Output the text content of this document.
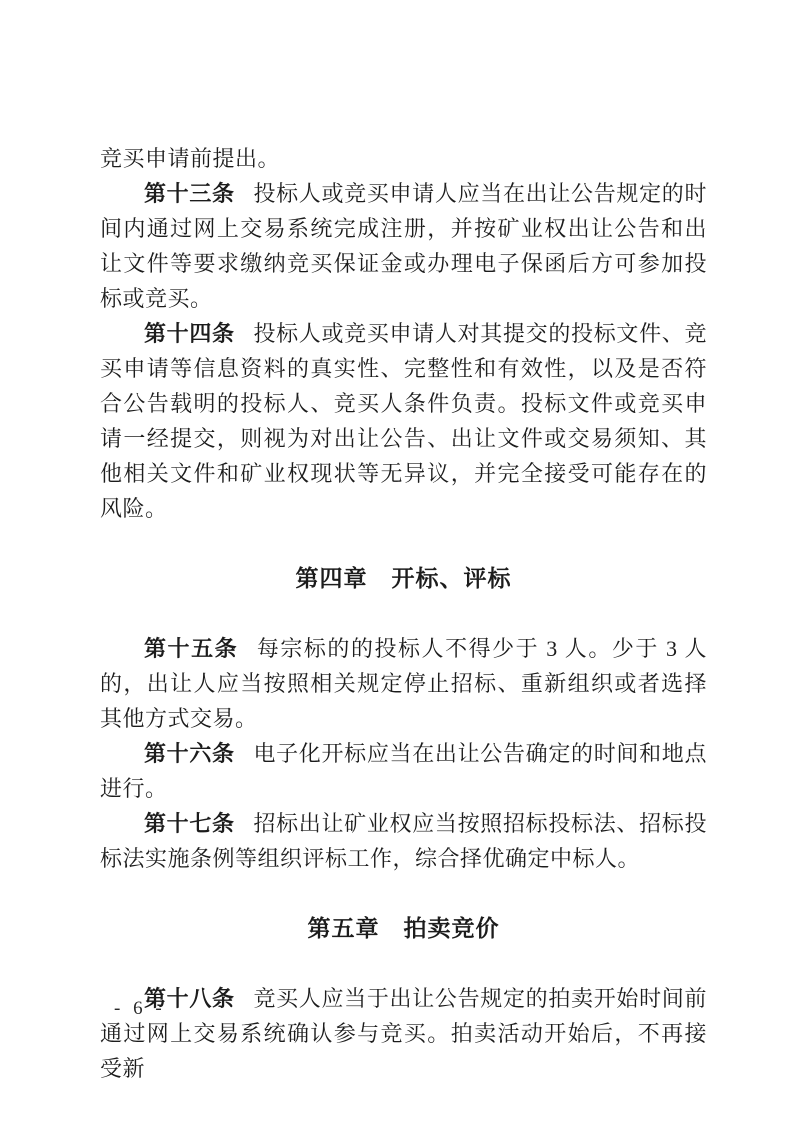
竞买申请前提出。

第十三条 投标人或竞买申请人应当在出让公告规定的时间内通过网上交易系统完成注册，并按矿业权出让公告和出让文件等要求缴纳竞买保证金或办理电子保函后方可参加投标或竞买。

第十四条 投标人或竞买申请人对其提交的投标文件、竞买申请等信息资料的真实性、完整性和有效性，以及是否符合公告载明的投标人、竞买人条件负责。投标文件或竞买申请一经提交，则视为对出让公告、出让文件或交易须知、其他相关文件和矿业权现状等无异议，并完全接受可能存在的风险。

第四章　开标、评标

第十五条 每宗标的的投标人不得少于 3 人。少于 3 人的，出让人应当按照相关规定停止招标、重新组织或者选择其他方式交易。

第十六条 电子化开标应当在出让公告确定的时间和地点进行。

第十七条 招标出让矿业权应当按照招标投标法、招标投标法实施条例等组织评标工作，综合择优确定中标人。

第五章　拍卖竞价

第十八条 竞买人应当于出让公告规定的拍卖开始时间前通过网上交易系统确认参与竞买。拍卖活动开始后，不再接受新

- 6 -
